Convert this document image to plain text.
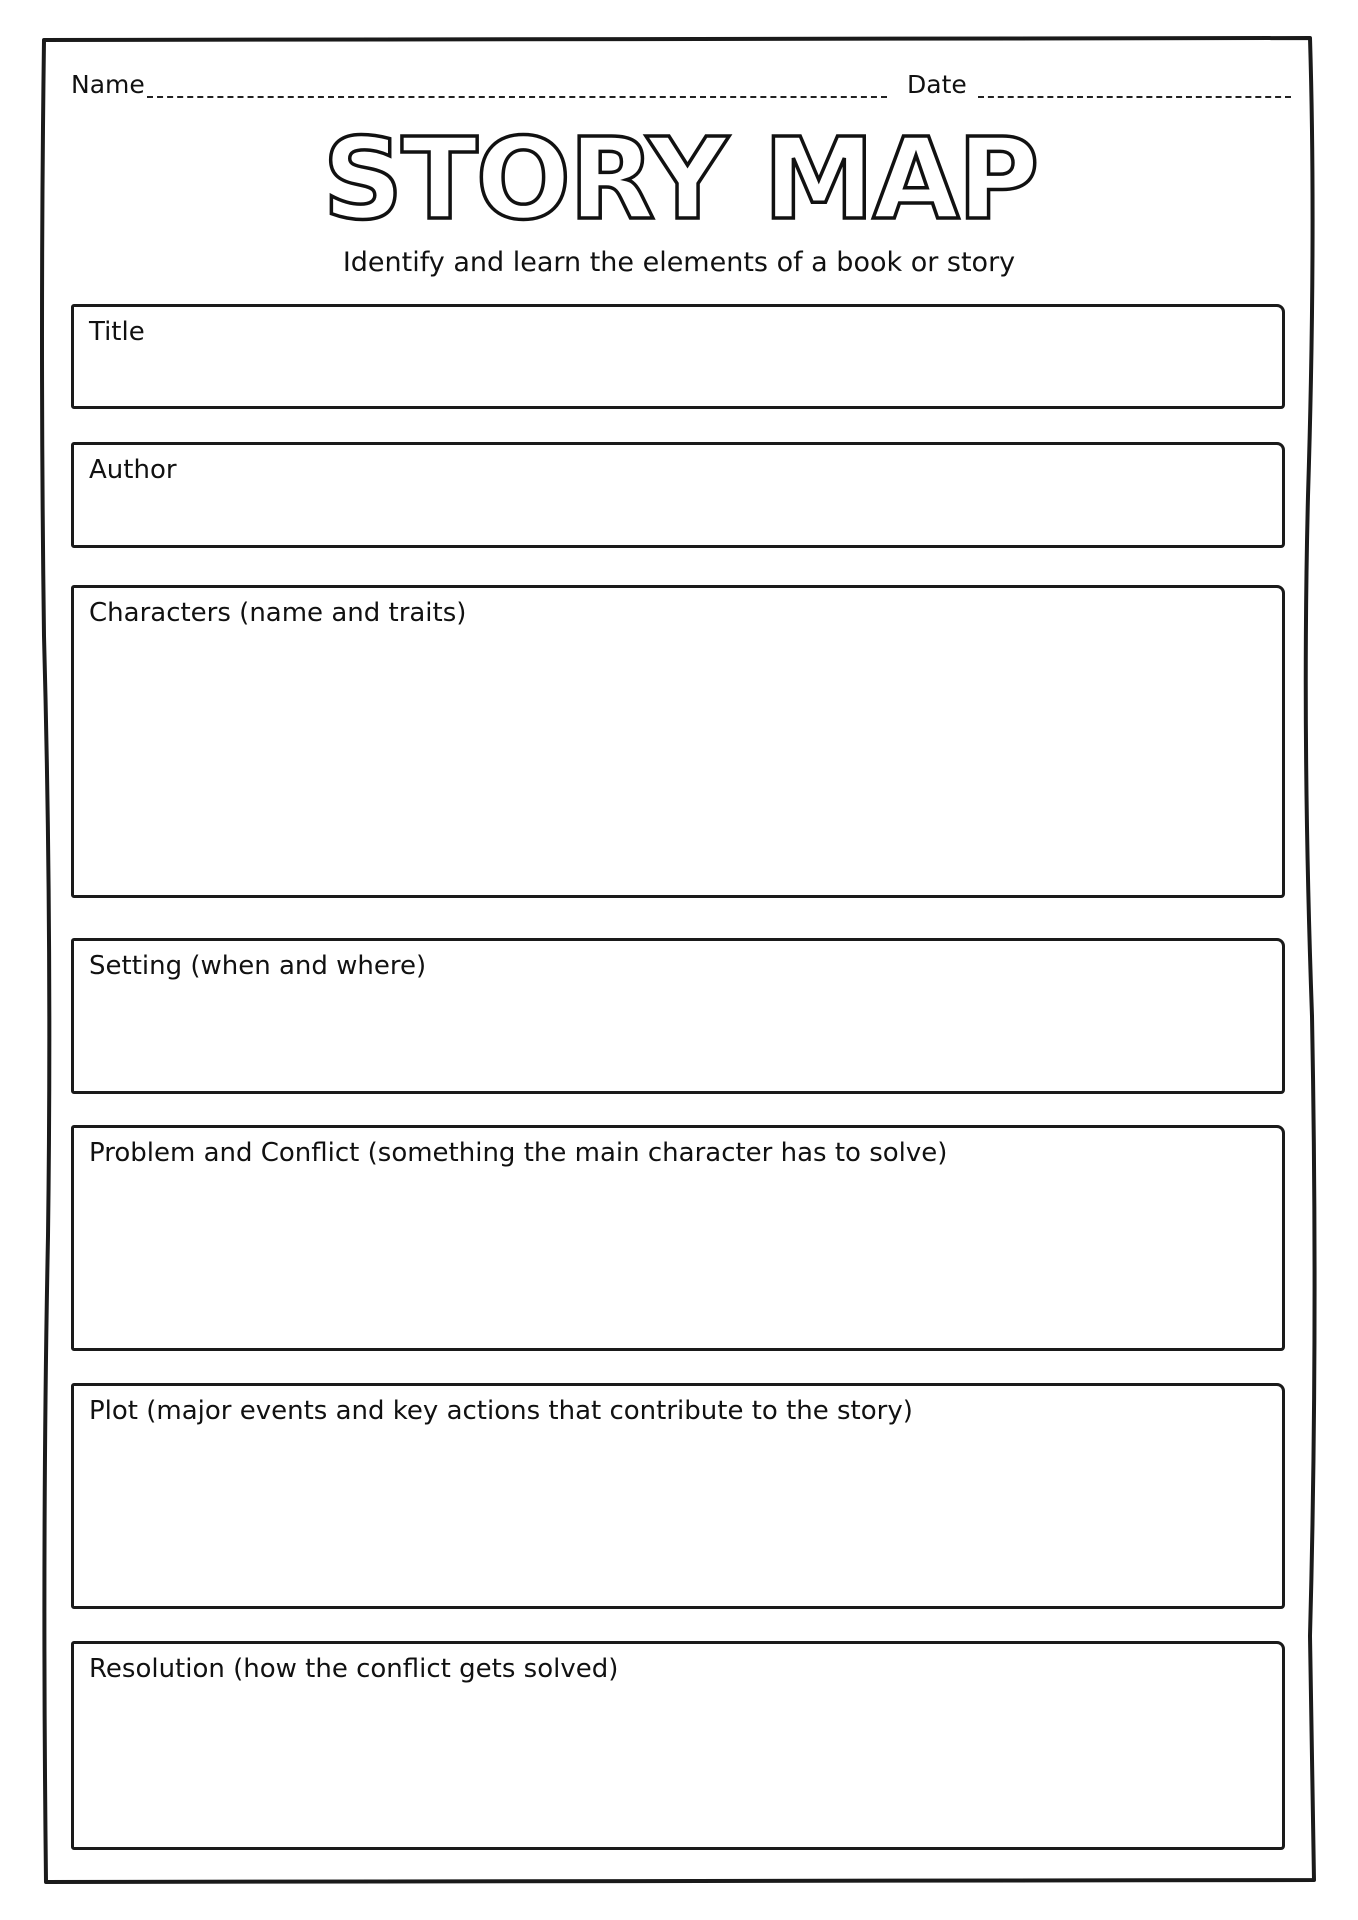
Name	Date
STORY MAP
Identify and learn the elements of a book or story
Title
Author
Characters (name and traits)
Setting (when and where)
Problem and Conflict (something the main character has to solve)
Plot (major events and key actions that contribute to the story)
Resolution (how the conflict gets solved)
